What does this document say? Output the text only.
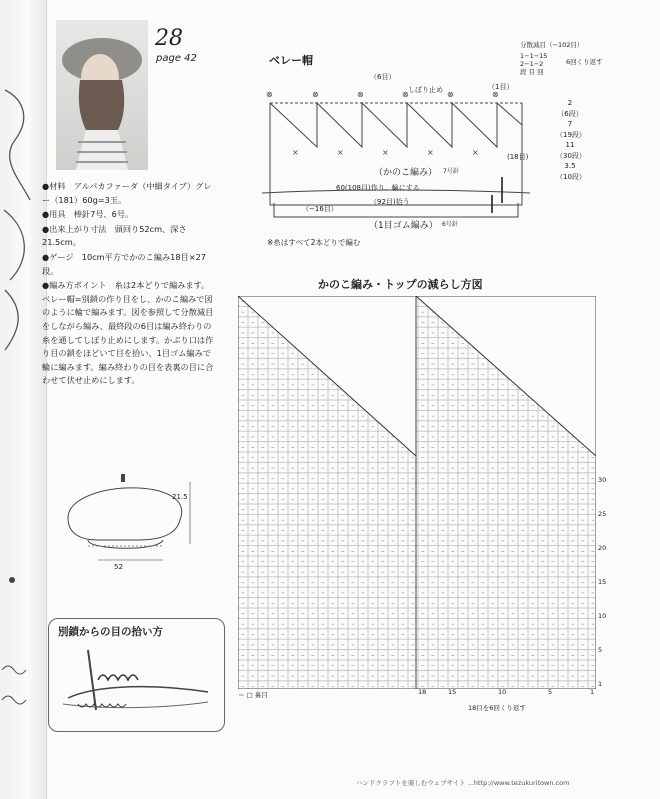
28
page 42

●材料　アルパカファーダ（中細タイプ）グレー（181）60g=3玉。

●用具　棒針7号、6号。

●出来上がり寸法　頭回り52cm、深さ21.5cm。

●ゲージ　10cm平方でかのこ編み18目×27段。

●編み方ポイント　糸は2本どりで編みます。ベレー帽=別鎖の作り目をし、かのこ編みで図のように輪で編みます。図を参照して分散減目をしながら編み、最終段の6目は編み終わりの糸を通してしぼり止めにします。かぶり口は作り目の鎖をほどいて目を拾い、1目ゴム編みで輪に編みます。編み終わりの目を表裏の目に合わせて伏せ止めにします。

21.5
52
別鎖からの目の拾い方
ベレー帽
（6目）
しぼり止め	（1目）
⊗	⊗	⊗	⊗	⊗	⊗
×	×	×	×	×
（かのこ編み） 7号針
60(108目)作り、輪にする
（92目)拾う
（−16目）
（1目ゴム編み） 6号針
(18目)
分散減目（−102目）
1−1−15
2−1−2
段 目 回
6回くり返す
2
（6段）
7
（19段）
11
（30段）
3.5
（10段）
※糸はすべて2本どりで編む
かのこ編み・トップの減らし方図
30
25
20
15
10
5
1
18	15	10	5	1
18目を6回くり返す
＝ □ 裏目
ハンドクラフトを楽しむウェブサイト ...http://www.tezukuritown.com
